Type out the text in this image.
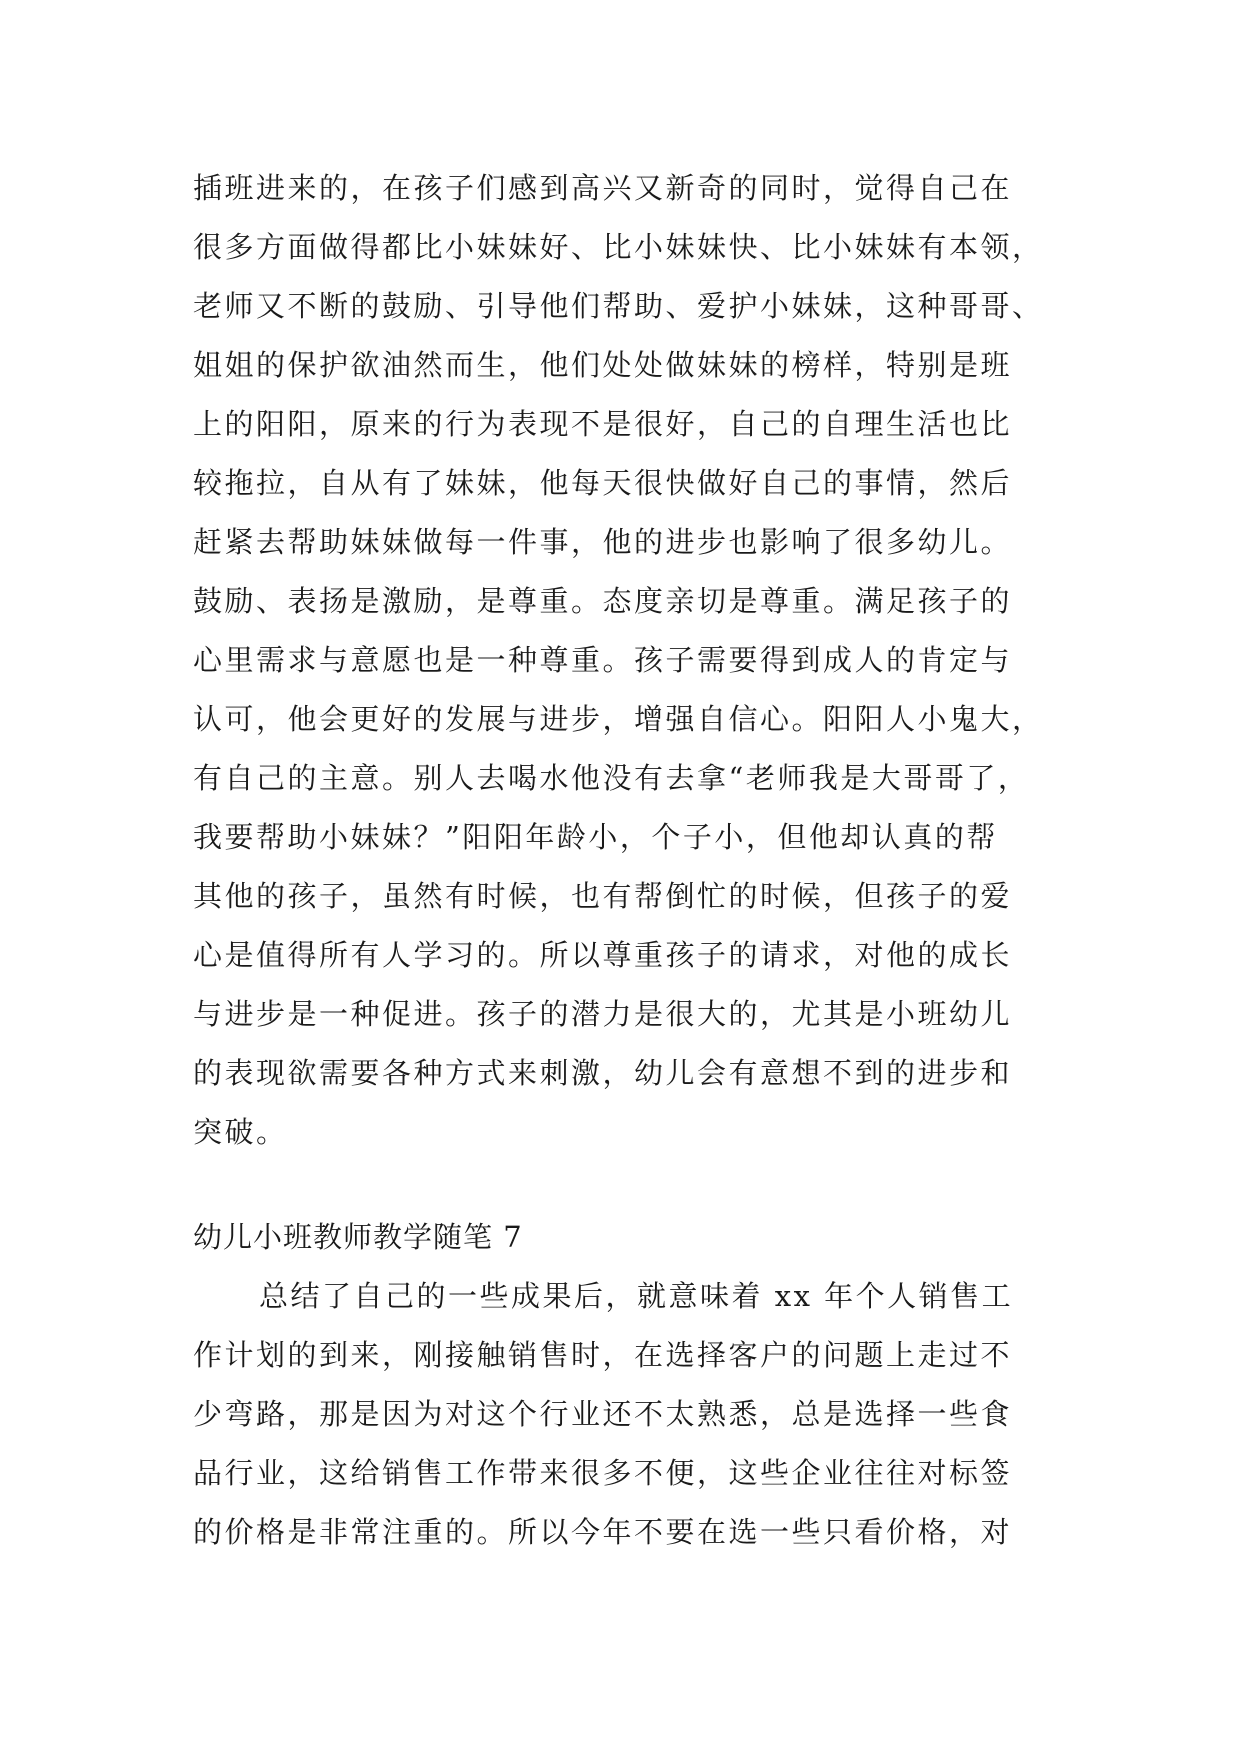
插班进来的，在孩子们感到高兴又新奇的同时，觉得自己在
很多方面做得都比小妹妹好、比小妹妹快、比小妹妹有本领，
老师又不断的鼓励、引导他们帮助、爱护小妹妹，这种哥哥、
姐姐的保护欲油然而生，他们处处做妹妹的榜样，特别是班
上的阳阳，原来的行为表现不是很好，自己的自理生活也比
较拖拉，自从有了妹妹，他每天很快做好自己的事情，然后
赶紧去帮助妹妹做每一件事，他的进步也影响了很多幼儿。
鼓励、表扬是激励，是尊重。态度亲切是尊重。满足孩子的
心里需求与意愿也是一种尊重。孩子需要得到成人的肯定与
认可，他会更好的发展与进步，增强自信心。阳阳人小鬼大，
有自己的主意。别人去喝水他没有去拿“老师我是大哥哥了，
我要帮助小妹妹？”阳阳年龄小，个子小，但他却认真的帮
其他的孩子，虽然有时候，也有帮倒忙的时候，但孩子的爱
心是值得所有人学习的。所以尊重孩子的请求，对他的成长
与进步是一种促进。孩子的潜力是很大的，尤其是小班幼儿
的表现欲需要各种方式来刺激，幼儿会有意想不到的进步和
突破。
幼儿小班教师教学随笔 7
总结了自己的一些成果后，就意味着 xx 年个人销售工
作计划的到来，刚接触销售时，在选择客户的问题上走过不
少弯路，那是因为对这个行业还不太熟悉，总是选择一些食
品行业，这给销售工作带来很多不便，这些企业往往对标签
的价格是非常注重的。所以今年不要在选一些只看价格，对
